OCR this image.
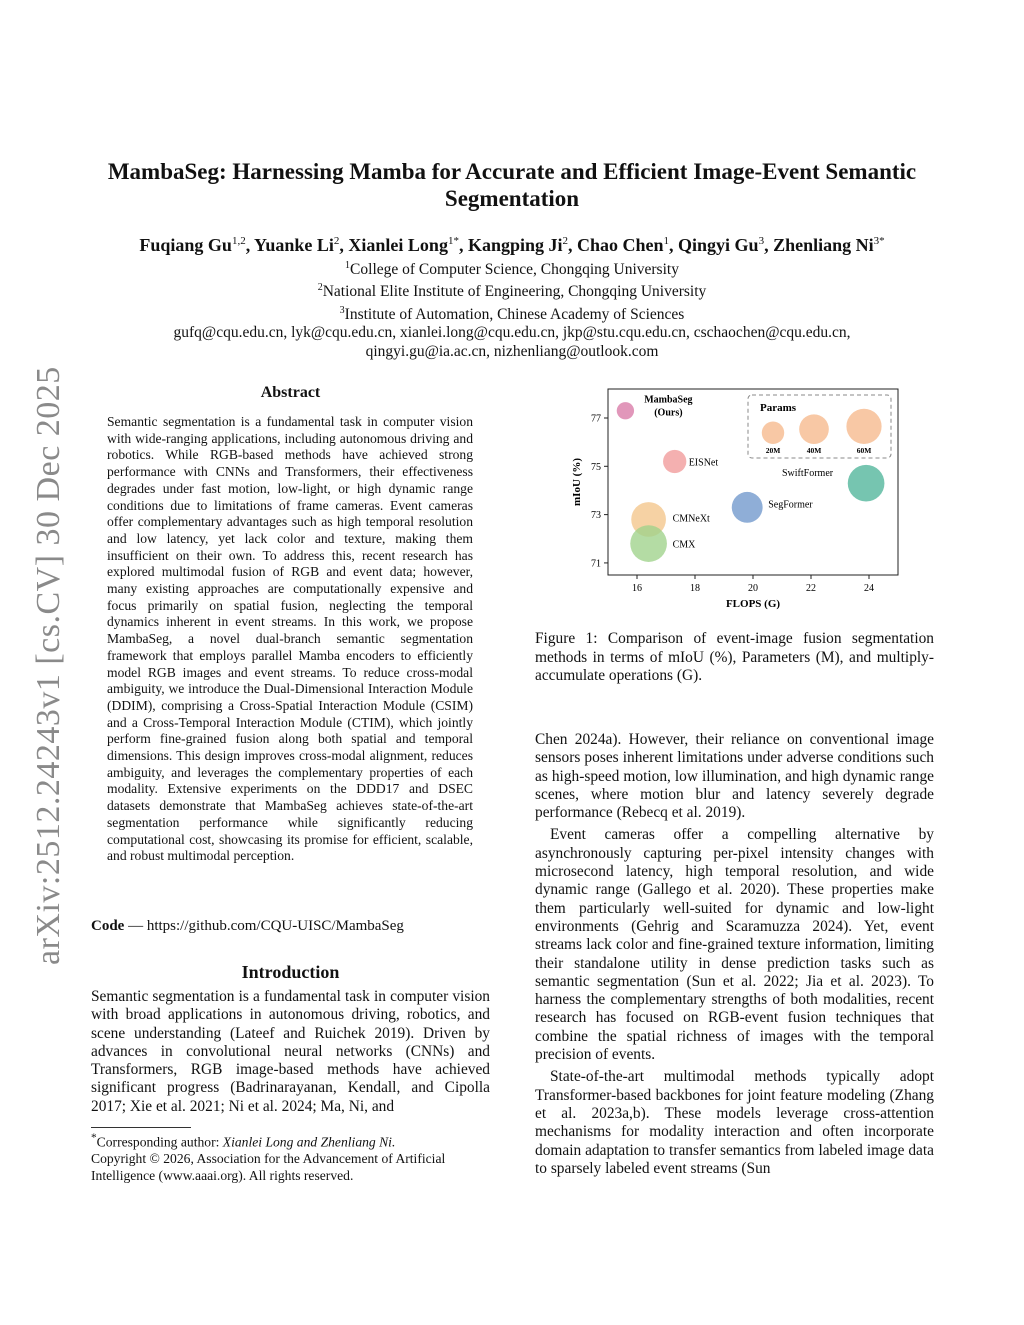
arXiv:2512.24243v1 [cs.CV] 30 Dec 2025
MambaSeg: Harnessing Mamba for Accurate and Efficient Image-Event Semantic Segmentation
Fuqiang Gu$^{1,2}$, Yuanke Li$^2$, Xianlei Long$^{1*}$, Kangping Ji$^2$, Chao Chen$^1$, Qingyi Gu$^3$, Zhenliang $Ni^{3*}$
$^1$College of Computer Science, Chongqing University
$^2$National Elite Institute of Engineering, Chongqing University
$^3$Institute of Automation, Chinese Academy of Sciences
gufq@cqu.edu.cn, lyk@cqu.edu.cn, xianlei.long@cqu.edu.cn, jkp@stu.cqu.edu.cn, cschaochen@cqu.edu.cn,
qingyi.gu@ia.ac.cn, nizhenliang@outlook.com
Abstract
Semantic segmentation is a fundamental task in computer vision with wide-ranging applications, including autonomous driving and robotics. While RGB-based methods have achieved strong performance with CNNs and Transformers, their effectiveness degrades under fast motion, low-light, or high dynamic range conditions due to limitations of frame cameras. Event cameras offer complementary advantages such as high temporal resolution and low latency, yet lack color and texture, making them insufficient on their own. To address this, recent research has explored multimodal fusion of RGB and event data; however, many existing approaches are computationally expensive and focus primarily on spatial fusion, neglecting the temporal dynamics inherent in event streams. In this work, we propose MambaSeg, a novel dual-branch semantic segmentation framework that employs parallel Mamba encoders to efficiently model RGB images and event streams. To reduce cross-modal ambiguity, we introduce the Dual-Dimensional Interaction Module (DDIM), comprising a Cross-Spatial Interaction Module (CSIM) and a Cross-Temporal Interaction Module (CTIM), which jointly perform fine-grained fusion along both spatial and temporal dimensions. This design improves cross-modal alignment, reduces ambiguity, and leverages the complementary properties of each modality. Extensive experiments on the DDD17 and DSEC datasets demonstrate that MambaSeg achieves state-of-the-art segmentation performance while significantly reducing computational cost, showcasing its promise for efficient, scalable, and robust multimodal perception.
Code — https://github.com/CQU-UISC/MambaSeg
Introduction
Semantic segmentation is a fundamental task in computer vision with broad applications in autonomous driving, robotics, and scene understanding (Lateef and Ruichek 2019). Driven by advances in convolutional neural networks (CNNs) and Transformers, RGB image-based methods have achieved significant progress (Badrinarayanan, Kendall, and Cipolla 2017; Xie et al. 2021; Ni et al. 2024; Ma, Ni, and
*Corresponding author: Xianlei Long and Zhenliang Ni.
Copyright © 2026, Association for the Advancement of Artificial Intelligence (www.aaai.org). All rights reserved.
16	18	20	22	24
71
73
75
77
FLOPS (G)
mIoU (%)
MambaSeg
(Ours)
EISNet
CMNeXt
CMX
SegFormer
SwiftFormer
Params
20M	40M	60M
Figure 1: Comparison of event-image fusion segmentation methods in terms of mIoU (%), Parameters (M), and multiply-accumulate operations (G).

Chen 2024a). However, their reliance on conventional image sensors poses inherent limitations under adverse conditions such as high-speed motion, low illumination, and high dynamic range scenes, where motion blur and latency severely degrade performance (Rebecq et al. 2019).

Event cameras offer a compelling alternative by asynchronously capturing per-pixel intensity changes with microsecond latency, high temporal resolution, and wide dynamic range (Gallego et al. 2020). These properties make them particularly well-suited for dynamic and low-light environments (Gehrig and Scaramuzza 2024). Yet, event streams lack color and fine-grained texture information, limiting their standalone utility in dense prediction tasks such as semantic segmentation (Sun et al. 2022; Jia et al. 2023). To harness the complementary strengths of both modalities, recent research has focused on RGB-event fusion techniques that combine the spatial richness of images with the temporal precision of events.

State-of-the-art multimodal methods typically adopt Transformer-based backbones for joint feature modeling (Zhang et al. 2023a,b). These models leverage cross-attention mechanisms for modality interaction and often incorporate domain adaptation to transfer semantics from labeled image data to sparsely labeled event streams (Sun
